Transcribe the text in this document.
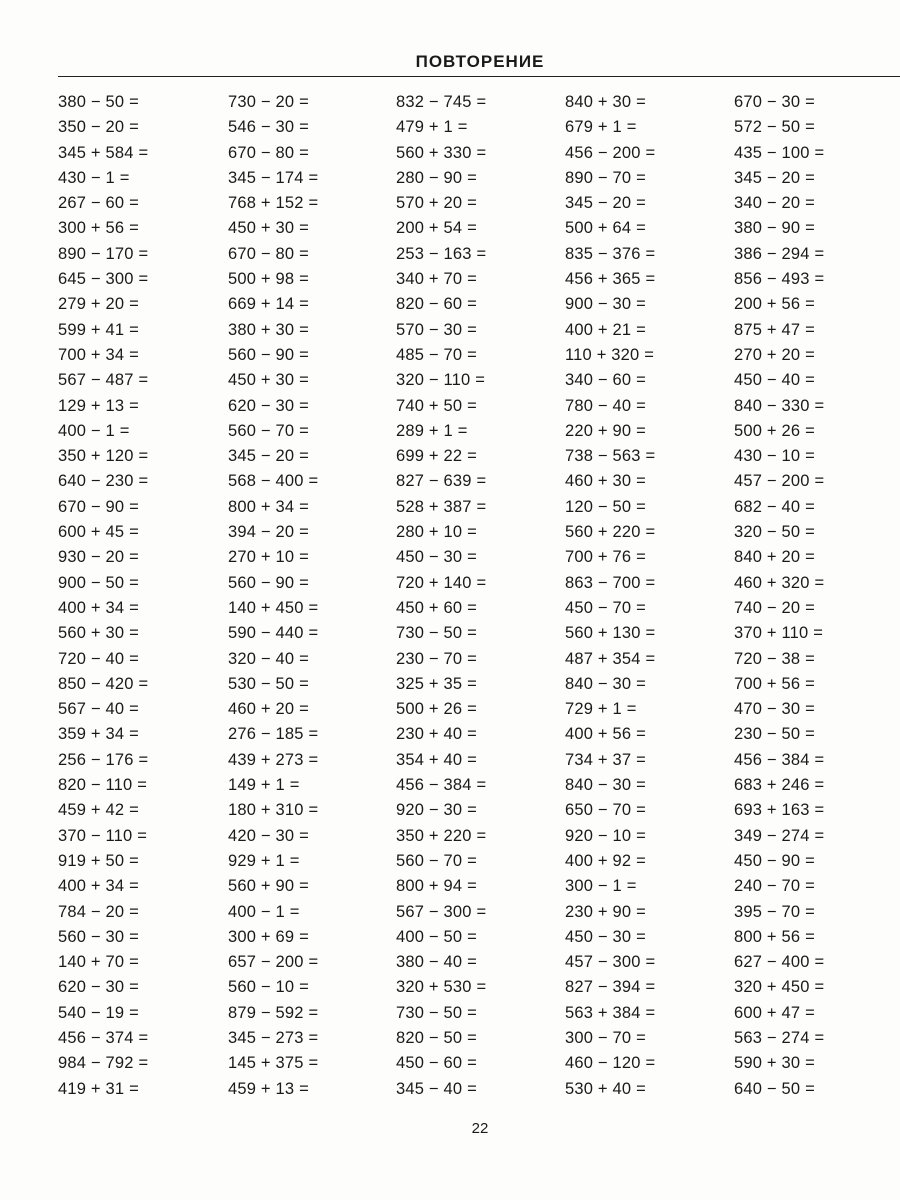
ПОВТОРЕНИЕ
380 − 50 =
350 − 20 =
345 + 584 =
430 − 1 =
267 − 60 =
300 + 56 =
890 − 170 =
645 − 300 =
279 + 20 =
599 + 41 =
700 + 34 =
567 − 487 =
129 + 13 =
400 − 1 =
350 + 120 =
640 − 230 =
670 − 90 =
600 + 45 =
930 − 20 =
900 − 50 =
400 + 34 =
560 + 30 =
720 − 40 =
850 − 420 =
567 − 40 =
359 + 34 =
256 − 176 =
820 − 110 =
459 + 42 =
370 − 110 =
919 + 50 =
400 + 34 =
784 − 20 =
560 − 30 =
140 + 70 =
620 − 30 =
540 − 19 =
456 − 374 =
984 − 792 =
419 + 31 =
730 − 20 =
546 − 30 =
670 − 80 =
345 − 174 =
768 + 152 =
450 + 30 =
670 − 80 =
500 + 98 =
669 + 14 =
380 + 30 =
560 − 90 =
450 + 30 =
620 − 30 =
560 − 70 =
345 − 20 =
568 − 400 =
800 + 34 =
394 − 20 =
270 + 10 =
560 − 90 =
140 + 450 =
590 − 440 =
320 − 40 =
530 − 50 =
460 + 20 =
276 − 185 =
439 + 273 =
149 + 1 =
180 + 310 =
420 − 30 =
929 + 1 =
560 + 90 =
400 − 1 =
300 + 69 =
657 − 200 =
560 − 10 =
879 − 592 =
345 − 273 =
145 + 375 =
459 + 13 =
832 − 745 =
479 + 1 =
560 + 330 =
280 − 90 =
570 + 20 =
200 + 54 =
253 − 163 =
340 + 70 =
820 − 60 =
570 − 30 =
485 − 70 =
320 − 110 =
740 + 50 =
289 + 1 =
699 + 22 =
827 − 639 =
528 + 387 =
280 + 10 =
450 − 30 =
720 + 140 =
450 + 60 =
730 − 50 =
230 − 70 =
325 + 35 =
500 + 26 =
230 + 40 =
354 + 40 =
456 − 384 =
920 − 30 =
350 + 220 =
560 − 70 =
800 + 94 =
567 − 300 =
400 − 50 =
380 − 40 =
320 + 530 =
730 − 50 =
820 − 50 =
450 − 60 =
345 − 40 =
840 + 30 =
679 + 1 =
456 − 200 =
890 − 70 =
345 − 20 =
500 + 64 =
835 − 376 =
456 + 365 =
900 − 30 =
400 + 21 =
110 + 320 =
340 − 60 =
780 − 40 =
220 + 90 =
738 − 563 =
460 + 30 =
120 − 50 =
560 + 220 =
700 + 76 =
863 − 700 =
450 − 70 =
560 + 130 =
487 + 354 =
840 − 30 =
729 + 1 =
400 + 56 =
734 + 37 =
840 − 30 =
650 − 70 =
920 − 10 =
400 + 92 =
300 − 1 =
230 + 90 =
450 − 30 =
457 − 300 =
827 − 394 =
563 + 384 =
300 − 70 =
460 − 120 =
530 + 40 =
670 − 30 =
572 − 50 =
435 − 100 =
345 − 20 =
340 − 20 =
380 − 90 =
386 − 294 =
856 − 493 =
200 + 56 =
875 + 47 =
270 + 20 =
450 − 40 =
840 − 330 =
500 + 26 =
430 − 10 =
457 − 200 =
682 − 40 =
320 − 50 =
840 + 20 =
460 + 320 =
740 − 20 =
370 + 110 =
720 − 38 =
700 + 56 =
470 − 30 =
230 − 50 =
456 − 384 =
683 + 246 =
693 + 163 =
349 − 274 =
450 − 90 =
240 − 70 =
395 − 70 =
800 + 56 =
627 − 400 =
320 + 450 =
600 + 47 =
563 − 274 =
590 + 30 =
640 − 50 =
22
